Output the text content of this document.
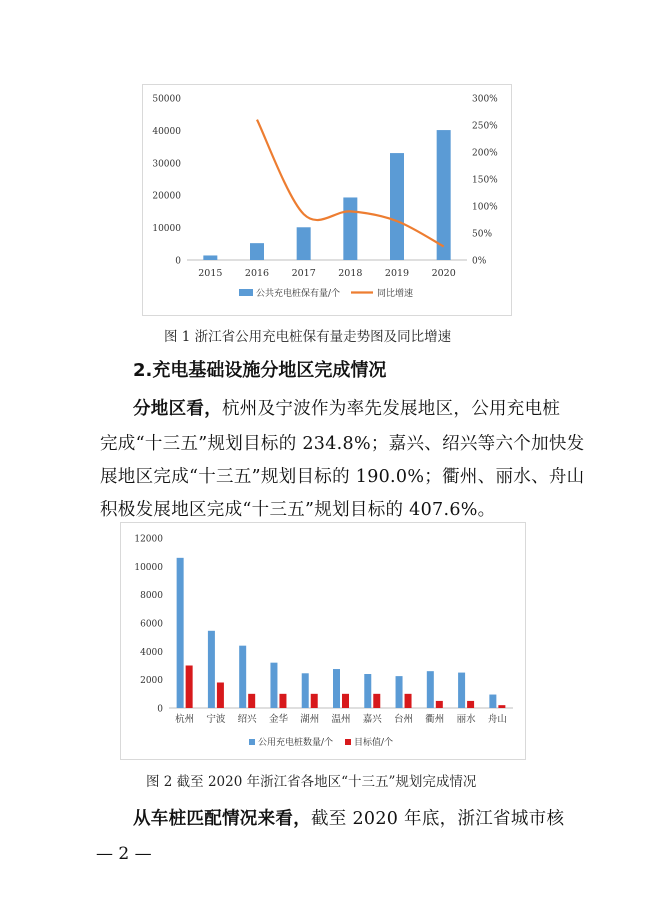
0
10000
20000
30000
40000
50000
0%
50%
100%
150%
200%
250%
300%
2015 2016 2017 2018 2019 2020
公共充电桩保有量/个	同比增速
图 1 浙江省公用充电桩保有量走势图及同比增速
2.充电基础设施分地区完成情况
分地区看，杭州及宁波作为率先发展地区，公用充电桩
完成“十三五”规划目标的 234.8%；嘉兴、绍兴等六个加快发
展地区完成“十三五”规划目标的 190.0%；衢州、丽水、舟山
积极发展地区完成“十三五”规划目标的 407.6%。
0
2000
4000
6000
8000
10000
12000
杭州 宁波 绍兴 金华 湖州 温州 嘉兴 台州 衢州 丽水 舟山
公用充电桩数量/个 目标值/个
图 2 截至 2020 年浙江省各地区“十三五”规划完成情况
从车桩匹配情况来看，截至 2020 年底，浙江省城市核
— 2 —
